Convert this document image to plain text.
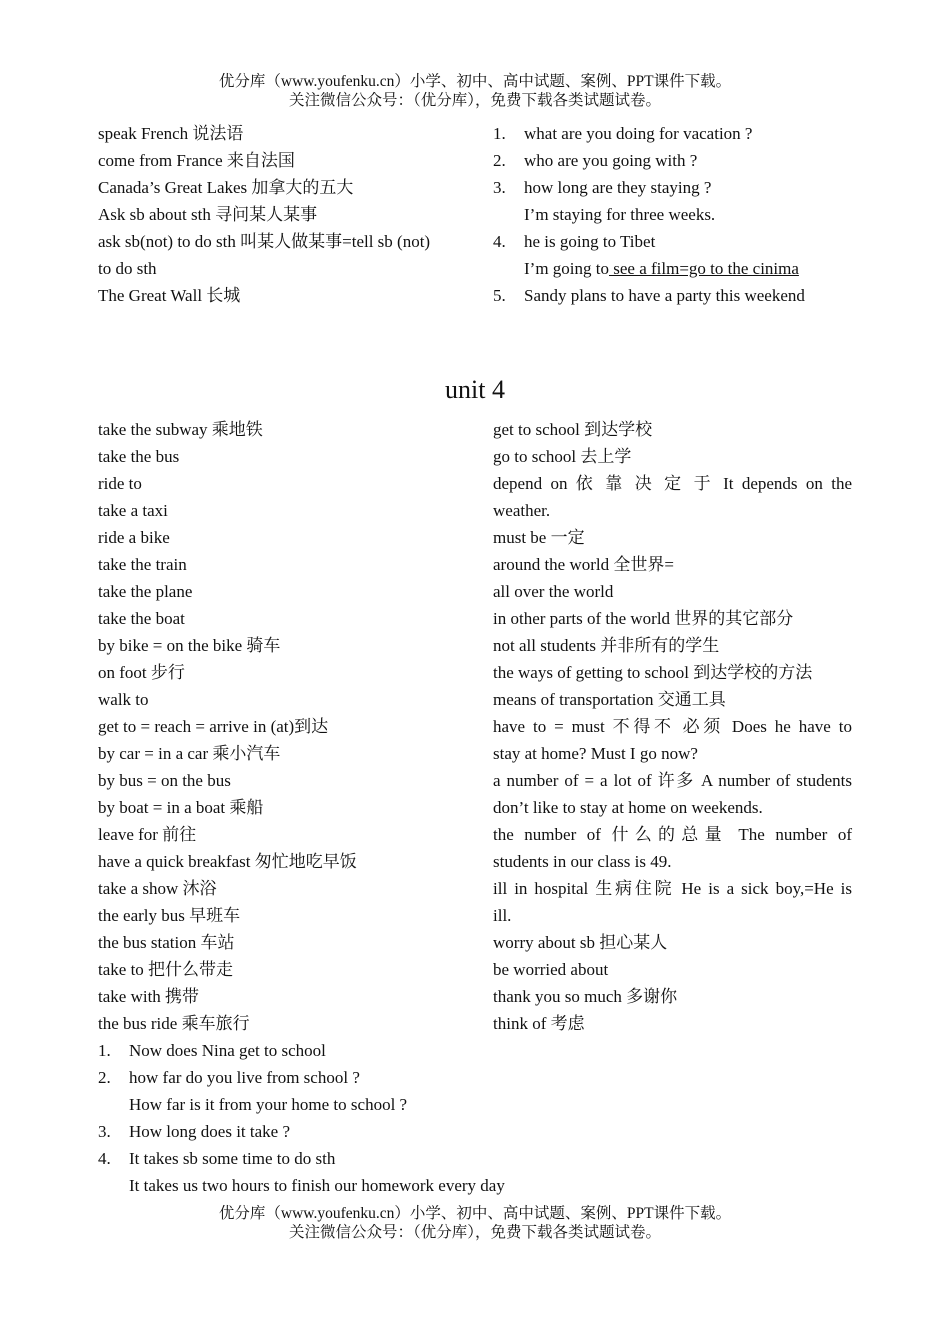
优分库（www.youfenku.cn）小学、初中、高中试题、案例、PPT课件下载。
关注微信公众号：（优分库），免费下载各类试题试卷。
speak French 说法语
come from France 来自法国
Canada’s Great Lakes 加拿大的五大
Ask sb about sth 寻问某人某事
ask sb(not) to do sth 叫某人做某事=tell sb (not)
to do sth
The Great Wall 长城
1. what are you doing for vacation ?
2. who are you going with ?
3. how long are they staying ?
I’m staying for three weeks.
4. he is going to Tibet
I’m going to see a film=go to the cinima
5. Sandy plans to have a party this weekend
unit 4
take the subway 乘地铁
take the bus
ride to
take a taxi
ride a bike
take the train
take the plane
take the boat
by bike = on the bike 骑车
on foot 步行
walk to
get to = reach = arrive in (at)到达
by car = in a car 乘小汽车
by bus = on the bus
by boat = in a boat 乘船
leave for 前往
have a quick breakfast 匆忙地吃早饭
take a show 沐浴
the early bus 早班车
the bus station 车站
take to 把什么带走
take with 携带
the bus ride 乘车旅行
get to school 到达学校
go to school 去上学
depend on 依 靠 决 定 于 It depends on the
weather.
must be 一定
around the world 全世界=
all over the world
in other parts of the world 世界的其它部分
not all students 并非所有的学生
the ways of getting to school 到达学校的方法
means of transportation 交通工具
have to = must 不得不 必须 Does he have to
stay at home? Must I go now?
a number of = a lot of 许多 A number of students
don’t like to stay at home on weekends.
the number of 什么的总量 The number of
students in our class is 49.
ill in hospital 生病住院 He is a sick boy,=He is
ill.
worry about sb 担心某人
be worried about
thank you so much 多谢你
think of 考虑
1. Now does Nina get to school
2. how far do you live from school ?
How far is it from your home to school ?
3. How long does it take ?
4. It takes sb some time to do sth
It takes us two hours to finish our homework every day
优分库（www.youfenku.cn）小学、初中、高中试题、案例、PPT课件下载。
关注微信公众号：（优分库），免费下载各类试题试卷。
